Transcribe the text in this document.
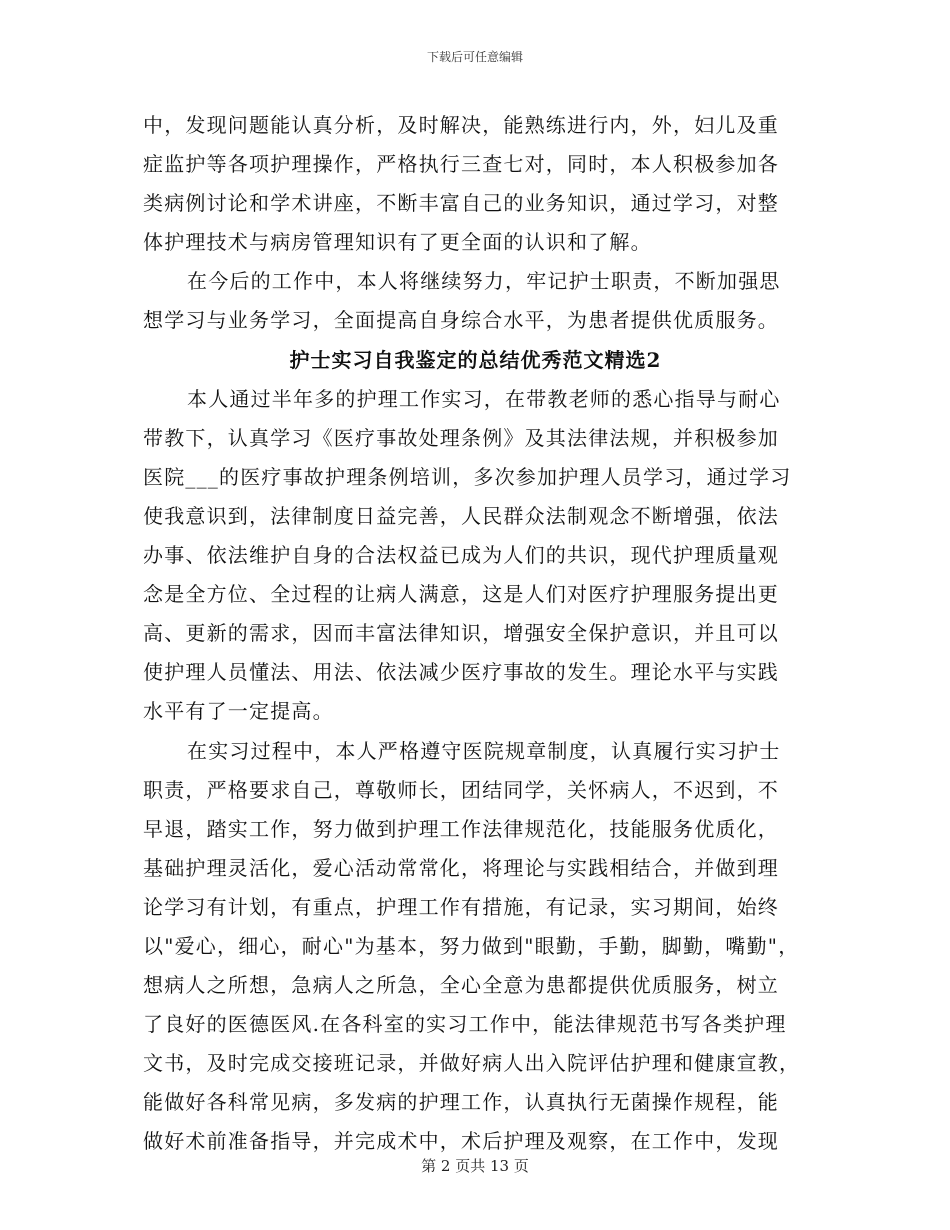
下载后可任意编辑
中，发现问题能认真分析，及时解决，能熟练进行内，外，妇儿及重
症监护等各项护理操作，严格执行三查七对，同时，本人积极参加各
类病例讨论和学术讲座，不断丰富自己的业务知识，通过学习，对整
体护理技术与病房管理知识有了更全面的认识和了解。
在今后的工作中，本人将继续努力，牢记护士职责，不断加强思
想学习与业务学习，全面提高自身综合水平，为患者提供优质服务。
护士实习自我鉴定的总结优秀范文精选2
本人通过半年多的护理工作实习，在带教老师的悉心指导与耐心
带教下，认真学习《医疗事故处理条例》及其法律法规，并积极参加
医院___的医疗事故护理条例培训，多次参加护理人员学习，通过学习
使我意识到，法律制度日益完善，人民群众法制观念不断增强，依法
办事、依法维护自身的合法权益已成为人们的共识，现代护理质量观
念是全方位、全过程的让病人满意，这是人们对医疗护理服务提出更
高、更新的需求，因而丰富法律知识，增强安全保护意识，并且可以
使护理人员懂法、用法、依法减少医疗事故的发生。理论水平与实践
水平有了一定提高。
在实习过程中，本人严格遵守医院规章制度，认真履行实习护士
职责，严格要求自己，尊敬师长，团结同学，关怀病人，不迟到，不
早退，踏实工作，努力做到护理工作法律规范化，技能服务优质化，
基础护理灵活化，爱心活动常常化，将理论与实践相结合，并做到理
论学习有计划，有重点，护理工作有措施，有记录，实习期间，始终
以"爱心，细心，耐心"为基本，努力做到"眼勤，手勤，脚勤，嘴勤"，
想病人之所想，急病人之所急，全心全意为患都提供优质服务，树立
了良好的医德医风.在各科室的实习工作中，能法律规范书写各类护理
文书，及时完成交接班记录，并做好病人出入院评估护理和健康宣教，
能做好各科常见病，多发病的护理工作，认真执行无菌操作规程，能
做好术前准备指导，并完成术中，术后护理及观察，在工作中，发现
第 2 页共 13 页
